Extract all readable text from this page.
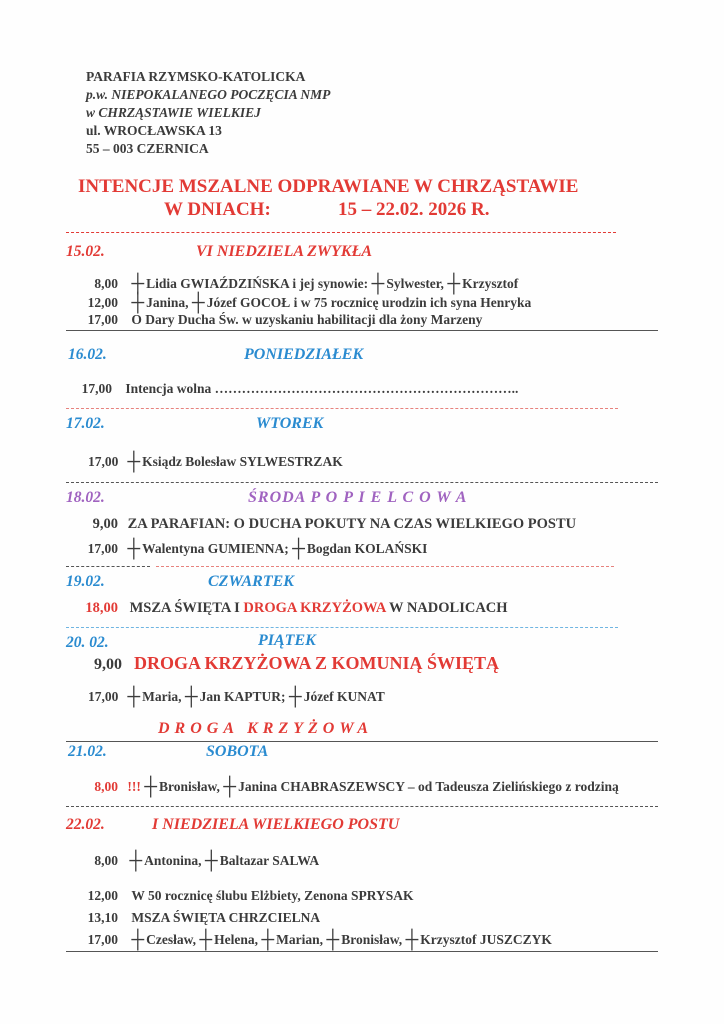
PARAFIA RZYMSKO-KATOLICKA
p.w. NIEPOKALANEGO POCZĘCIA NMP
w CHRZĄSTAWIE WIELKIEJ
ul. WROCŁAWSKA 13
55 – 003 CZERNICA
INTENCJE MSZALNE ODPRAWIANE W CHRZĄSTAWIE
W DNIACH:	15 – 22.02. 2026 R.
15.02.	VI NIEDZIELA ZWYKŁA
8,00 ┼ Lidia GWIAŹDZIŃSKA i jej synowie: ┼ Sylwester, ┼ Krzysztof
12,00 ┼ Janina, ┼ Józef GOCOŁ i w 75 rocznicę urodzin ich syna Henryka
17,00 O Dary Ducha Św. w uzyskaniu habilitacji dla żony Marzeny
16.02.	PONIEDZIAŁEK
17,00 Intencja wolna …………………………………………………………..
17.02.	WTOREK
17,00 ┼ Ksiądz Bolesław SYLWESTRZAK
18.02.	ŚRODA P O P I E L C O W A
9,00 ZA PARAFIAN: O DUCHA POKUTY NA CZAS WIELKIEGO POSTU
17,00 ┼ Walentyna GUMIENNA; ┼ Bogdan KOLAŃSKI
19.02.	CZWARTEK
18,00 MSZA ŚWIĘTA I DROGA KRZYŻOWA W NADOLICACH
20. 02.	PIĄTEK
9,00 DROGA KRZYŻOWA Z KOMUNIĄ ŚWIĘTĄ
17,00 ┼ Maria, ┼ Jan KAPTUR; ┼ Józef KUNAT
DROGA KRZYŻOWA
21.02.	SOBOTA
8,00 !!! ┼ Bronisław, ┼ Janina CHABRASZEWSCY – od Tadeusza Zielińskiego z rodziną
22.02.	I NIEDZIELA WIELKIEGO POSTU
8,00 ┼ Antonina, ┼ Baltazar SALWA
12,00 W 50 rocznicę ślubu Elżbiety, Zenona SPRYSAK
13,10 MSZA ŚWIĘTA CHRZCIELNA
17,00 ┼ Czesław, ┼ Helena, ┼ Marian, ┼ Bronisław, ┼ Krzysztof JUSZCZYK
